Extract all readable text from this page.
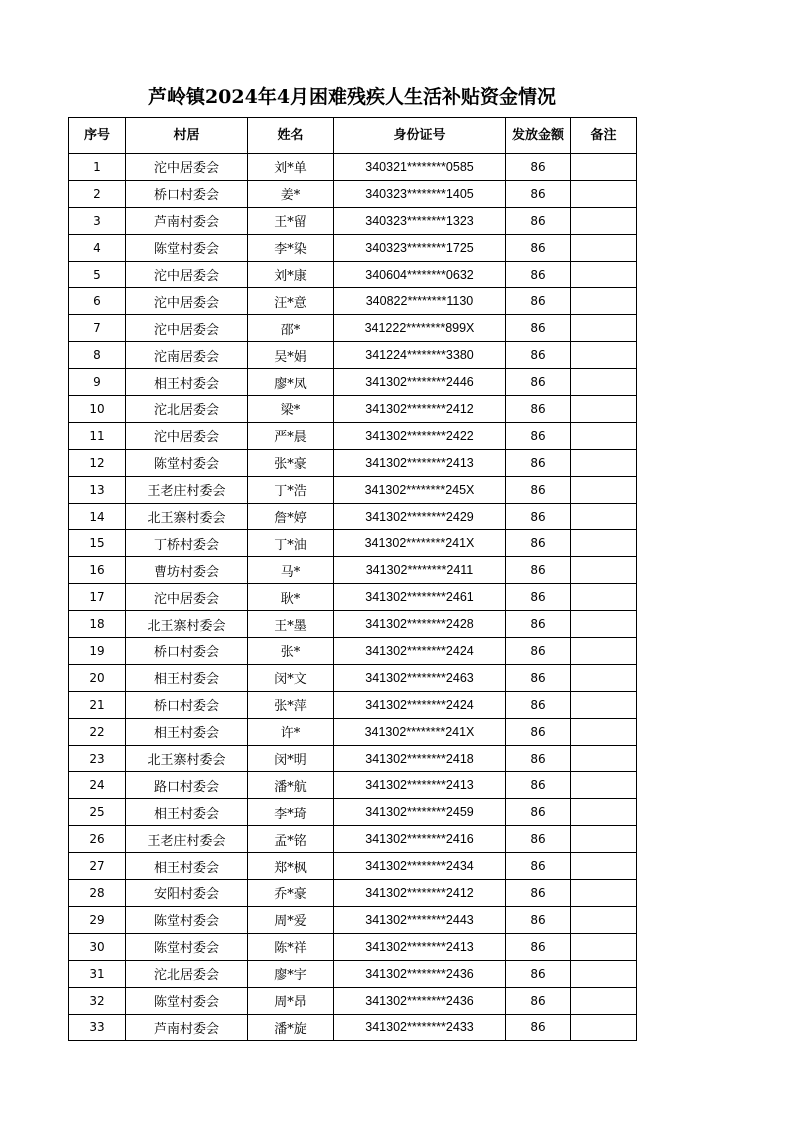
芦岭镇2024年4月困难残疾人生活补贴资金情况
序号	村居	姓名	身份证号	发放金额	备注
1	沱中居委会	刘*单	340321********0585	86	
2	桥口村委会	姜*	340323********1405	86	
3	芦南村委会	王*留	340323********1323	86	
4	陈堂村委会	李*染	340323********1725	86	
5	沱中居委会	刘*康	340604********0632	86	
6	沱中居委会	汪*意	340822********1130	86	
7	沱中居委会	邵*	341222********899X	86	
8	沱南居委会	吴*娟	341224********3380	86	
9	相王村委会	廖*凤	341302********2446	86	
10	沱北居委会	梁*	341302********2412	86	
11	沱中居委会	严*晨	341302********2422	86	
12	陈堂村委会	张*豪	341302********2413	86	
13	王老庄村委会	丁*浩	341302********245X	86	
14	北王寨村委会	詹*婷	341302********2429	86	
15	丁桥村委会	丁*油	341302********241X	86	
16	曹坊村委会	马*	341302********2411	86	
17	沱中居委会	耿*	341302********2461	86	
18	北王寨村委会	王*墨	341302********2428	86	
19	桥口村委会	张*	341302********2424	86	
20	相王村委会	闵*文	341302********2463	86	
21	桥口村委会	张*萍	341302********2424	86	
22	相王村委会	许*	341302********241X	86	
23	北王寨村委会	闵*明	341302********2418	86	
24	路口村委会	潘*航	341302********2413	86	
25	相王村委会	李*琦	341302********2459	86	
26	王老庄村委会	孟*铭	341302********2416	86	
27	相王村委会	郑*枫	341302********2434	86	
28	安阳村委会	乔*豪	341302********2412	86	
29	陈堂村委会	周*爱	341302********2443	86	
30	陈堂村委会	陈*祥	341302********2413	86	
31	沱北居委会	廖*宇	341302********2436	86	
32	陈堂村委会	周*昂	341302********2436	86	
33	芦南村委会	潘*旋	341302********2433	86	
